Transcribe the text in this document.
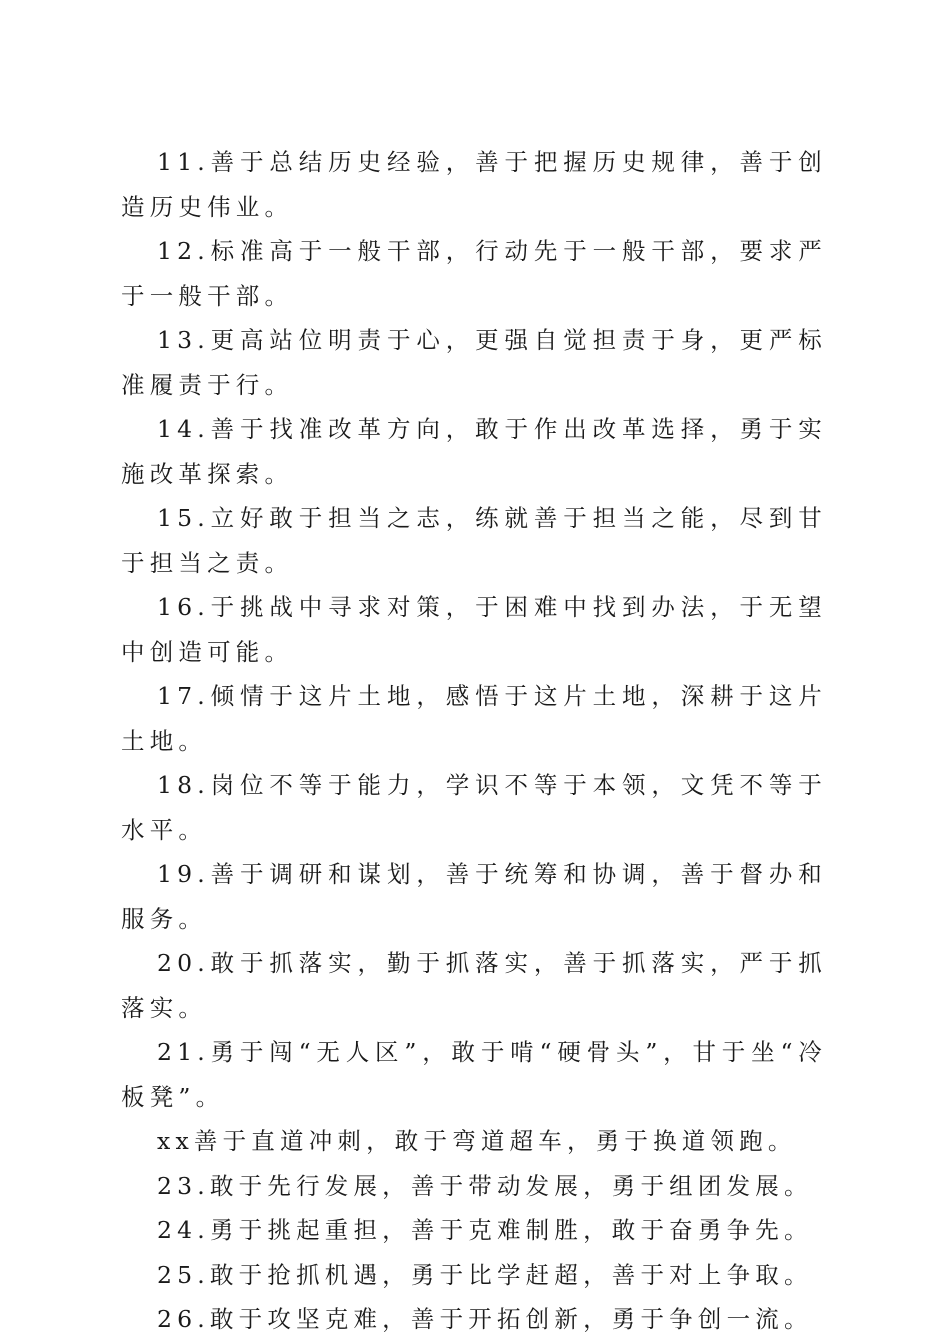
11.善于总结历史经验，善于把握历史规律，善于创造历史伟业。

12.标准高于一般干部，行动先于一般干部，要求严于一般干部。

13.更高站位明责于心，更强自觉担责于身，更严标准履责于行。

14.善于找准改革方向，敢于作出改革选择，勇于实施改革探索。

15.立好敢于担当之志，练就善于担当之能，尽到甘于担当之责。

16.于挑战中寻求对策，于困难中找到办法，于无望中创造可能。

17.倾情于这片土地，感悟于这片土地，深耕于这片土地。

18.岗位不等于能力，学识不等于本领，文凭不等于水平。

19.善于调研和谋划，善于统筹和协调，善于督办和服务。

20.敢于抓落实，勤于抓落实，善于抓落实，严于抓落实。

21.勇于闯“无人区”，敢于啃“硬骨头”，甘于坐“冷板凳”。

xx善于直道冲刺，敢于弯道超车，勇于换道领跑。

23.敢于先行发展，善于带动发展，勇于组团发展。

24.勇于挑起重担，善于克难制胜，敢于奋勇争先。

25.敢于抢抓机遇，勇于比学赶超，善于对上争取。

26.敢于攻坚克难，善于开拓创新，勇于争创一流。
